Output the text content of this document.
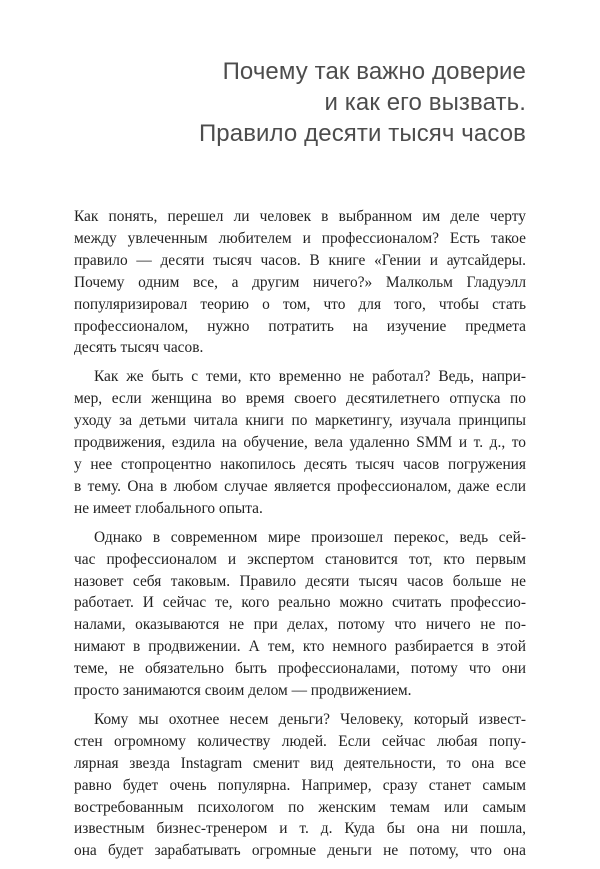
Почему так важно доверие
и как его вызвать.
Правило десяти тысяч часов
Как понять, перешел ли человек в выбранном им деле черту
между увлеченным любителем и профессионалом? Есть такое
правило — десяти тысяч часов. В книге «Гении и аутсайдеры.
Почему одним все, а другим ничего?» Малкольм Гладуэлл
популяризировал теорию о том, что для того, чтобы стать
профессионалом, нужно потратить на изучение предмета
десять тысяч часов.
Как же быть с теми, кто временно не работал? Ведь, напри-
мер, если женщина во время своего десятилетнего отпуска по
уходу за детьми читала книги по маркетингу, изучала принципы
продвижения, ездила на обучение, вела удаленно SMM и т. д., то
у нее стопроцентно накопилось десять тысяч часов погружения
в тему. Она в любом случае является профессионалом, даже если
не имеет глобального опыта.
Однако в современном мире произошел перекос, ведь сей-
час профессионалом и экспертом становится тот, кто первым
назовет себя таковым. Правило десяти тысяч часов больше не
работает. И сейчас те, кого реально можно считать профессио-
налами, оказываются не при делах, потому что ничего не по-
нимают в продвижении. А тем, кто немного разбирается в этой
теме, не обязательно быть профессионалами, потому что они
просто занимаются своим делом — продвижением.
Кому мы охотнее несем деньги? Человеку, который извест-
стен огромному количеству людей. Если сейчас любая попу-
лярная звезда Instagram сменит вид деятельности, то она все
равно будет очень популярна. Например, сразу станет самым
востребованным психологом по женским темам или самым
известным бизнес-тренером и т. д. Куда бы она ни пошла,
она будет зарабатывать огромные деньги не потому, что она
